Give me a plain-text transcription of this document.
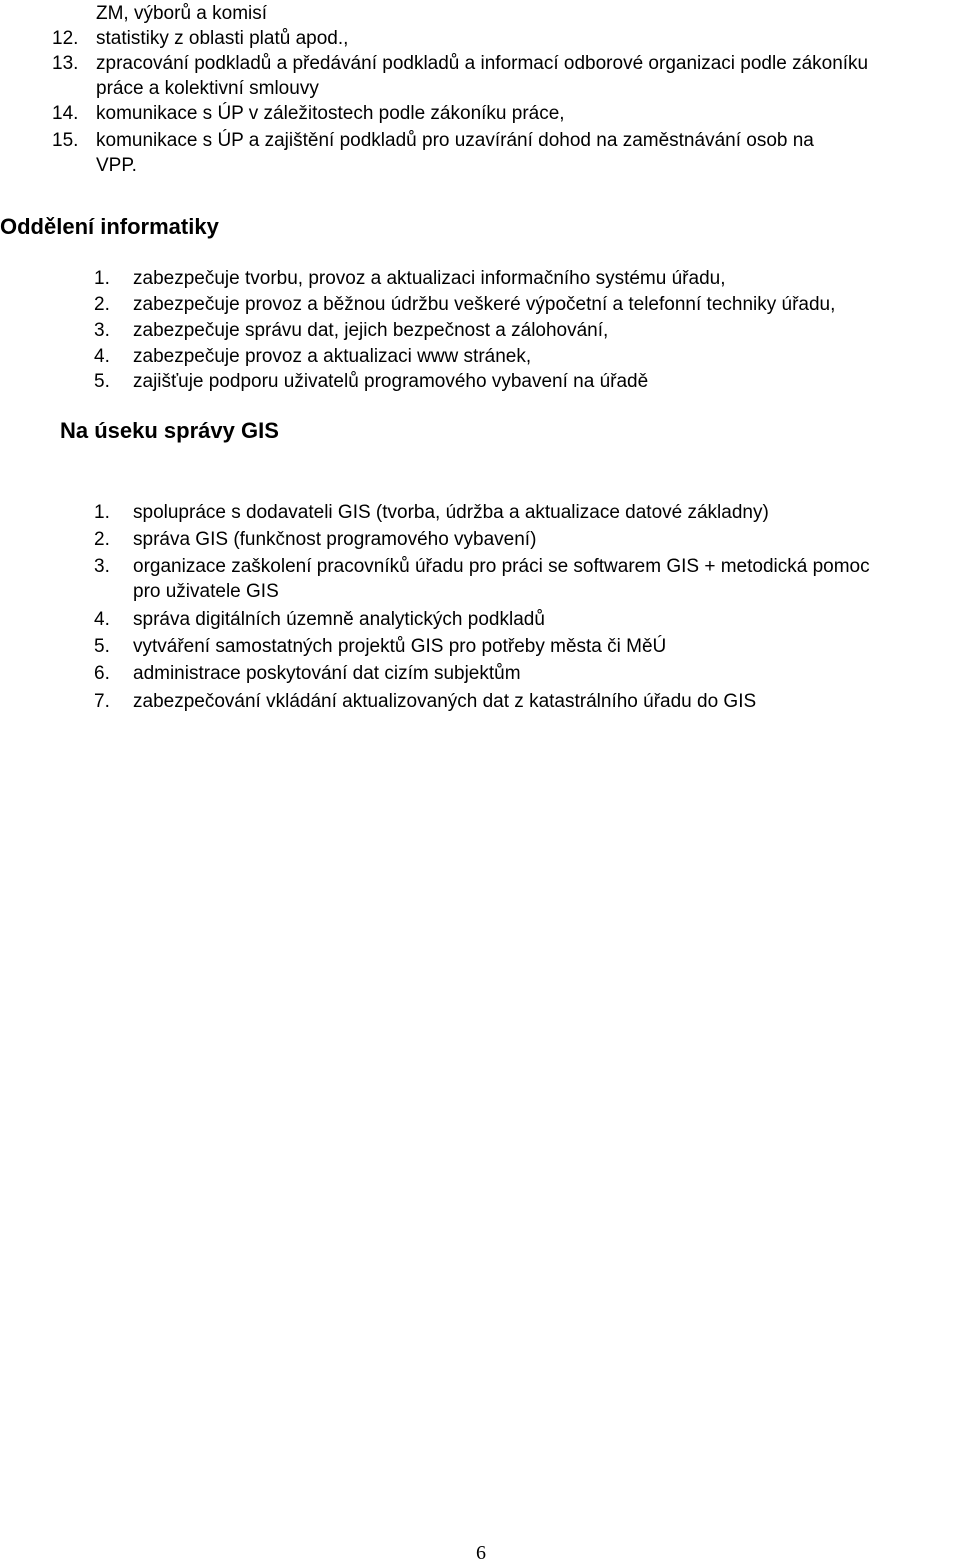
ZM, výborů a komisí
12. statistiky z oblasti platů apod.,
13. zpracování podkladů a předávání podkladů a informací odborové organizaci podle zákoníku
práce a kolektivní smlouvy
14. komunikace s ÚP v záležitostech podle zákoníku práce,
15. komunikace s ÚP a zajištění podkladů pro uzavírání dohod na zaměstnávání osob na
VPP.
Oddělení informatiky
1. zabezpečuje tvorbu, provoz a aktualizaci informačního systému úřadu,
2. zabezpečuje provoz a běžnou údržbu veškeré výpočetní a telefonní techniky úřadu,
3. zabezpečuje správu dat, jejich bezpečnost a zálohování,
4. zabezpečuje provoz a aktualizaci www stránek,
5. zajišťuje podporu uživatelů programového vybavení na úřadě
Na úseku správy GIS
1. spolupráce s dodavateli GIS (tvorba, údržba a aktualizace datové základny)
2. správa GIS (funkčnost programového vybavení)
3. organizace zaškolení pracovníků úřadu pro práci se softwarem GIS + metodická pomoc
pro uživatele GIS
4. správa digitálních územně analytických podkladů
5. vytváření samostatných projektů GIS pro potřeby města či MěÚ
6. administrace poskytování dat cizím subjektům
7. zabezpečování vkládání aktualizovaných dat z katastrálního úřadu do GIS
6
